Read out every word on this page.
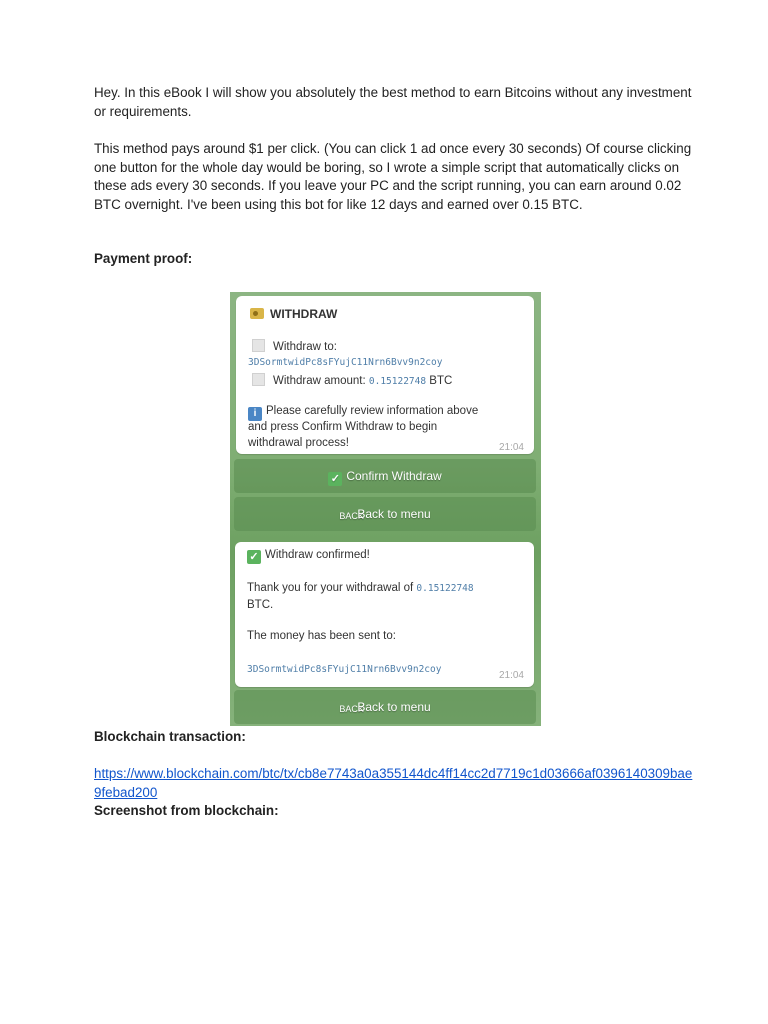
Hey. In this eBook I will show you absolutely the best method to earn Bitcoins without any investment or requirements.

This method pays around $1 per click. (You can click 1 ad once every 30 seconds) Of course clicking one button for the whole day would be boring, so I wrote a simple script that automatically clicks on these ads every 30 seconds. If you leave your PC and the script running, you can earn around 0.02 BTC overnight. I've been using this bot for like 12 days and earned over 0.15 BTC.

Payment proof:
WITHDRAW
Withdraw to:
3DSormtwidPc8sFYujC11Nrn6Bvv9n2coy
Withdraw amount: 0.15122748 BTC
i Please carefully review information above
and press Confirm Withdraw to begin
withdrawal process!	21:04
✓ Confirm Withdraw
BACKBack to menu
✓ Withdraw confirmed!
Thank you for your withdrawal of 0.15122748
BTC.
The money has been sent to:
3DSormtwidPc8sFYujC11Nrn6Bvv9n2coy
21:04
BACKBack to menu
Blockchain transaction:
https://www.blockchain.com/btc/tx/cb8e7743a0a355144dc4ff14cc2d7719c1d03666af0396140309bae9febad200
Screenshot from blockchain:
